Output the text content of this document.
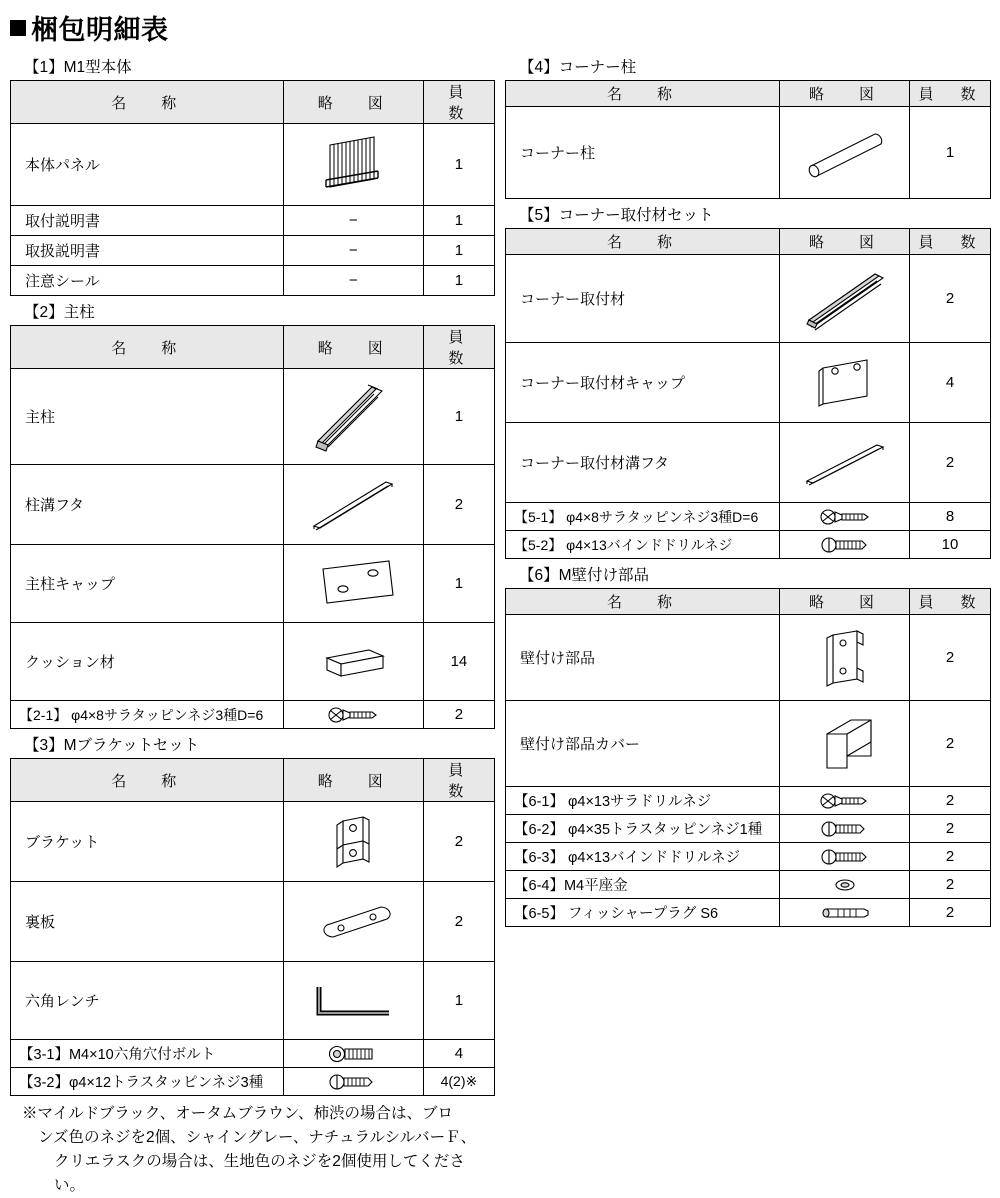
梱包明細表
【1】M1型本体
名　称	略　図	員　数
本体パネル		1
取付説明書	−	1
取扱説明書	−	1
注意シール	−	1
【2】主柱
名　称	略　図	員　数
主柱		1
柱溝フタ		2
主柱キャップ		1
クッション材		14
【2-1】 φ4×8サラタッピンネジ3種D=6		2
【3】Mブラケットセット
名　称	略　図	員　数
ブラケット		2
裏板		2
六角レンチ		1
【3-1】M4×10六角穴付ボルト		4
【3-2】φ4×12トラスタッピンネジ3種		4(2)※
※マイルドブラック、オータムブラウン、柿渋の場合は、ブロ
ンズ色のネジを2個、シャイングレー、ナチュラルシルバーＦ、
クリエラスクの場合は、生地色のネジを2個使用してください。
【4】コーナー柱
名　称	略　図	員　数
コーナー柱		1
【5】コーナー取付材セット
名　称	略　図	員　数
コーナー取付材		2
コーナー取付材キャップ		4
コーナー取付材溝フタ		2
【5-1】 φ4×8サラタッピンネジ3種D=6		8
【5-2】 φ4×13バインドドリルネジ		10
【6】M壁付け部品
名　称	略　図	員　数
壁付け部品		2
壁付け部品カバー		2
【6-1】 φ4×13サラドリルネジ		2
【6-2】 φ4×35トラスタッピンネジ1種		2
【6-3】 φ4×13バインドドリルネジ		2
【6-4】M4平座金		2
【6-5】 フィッシャープラグ S6		2
